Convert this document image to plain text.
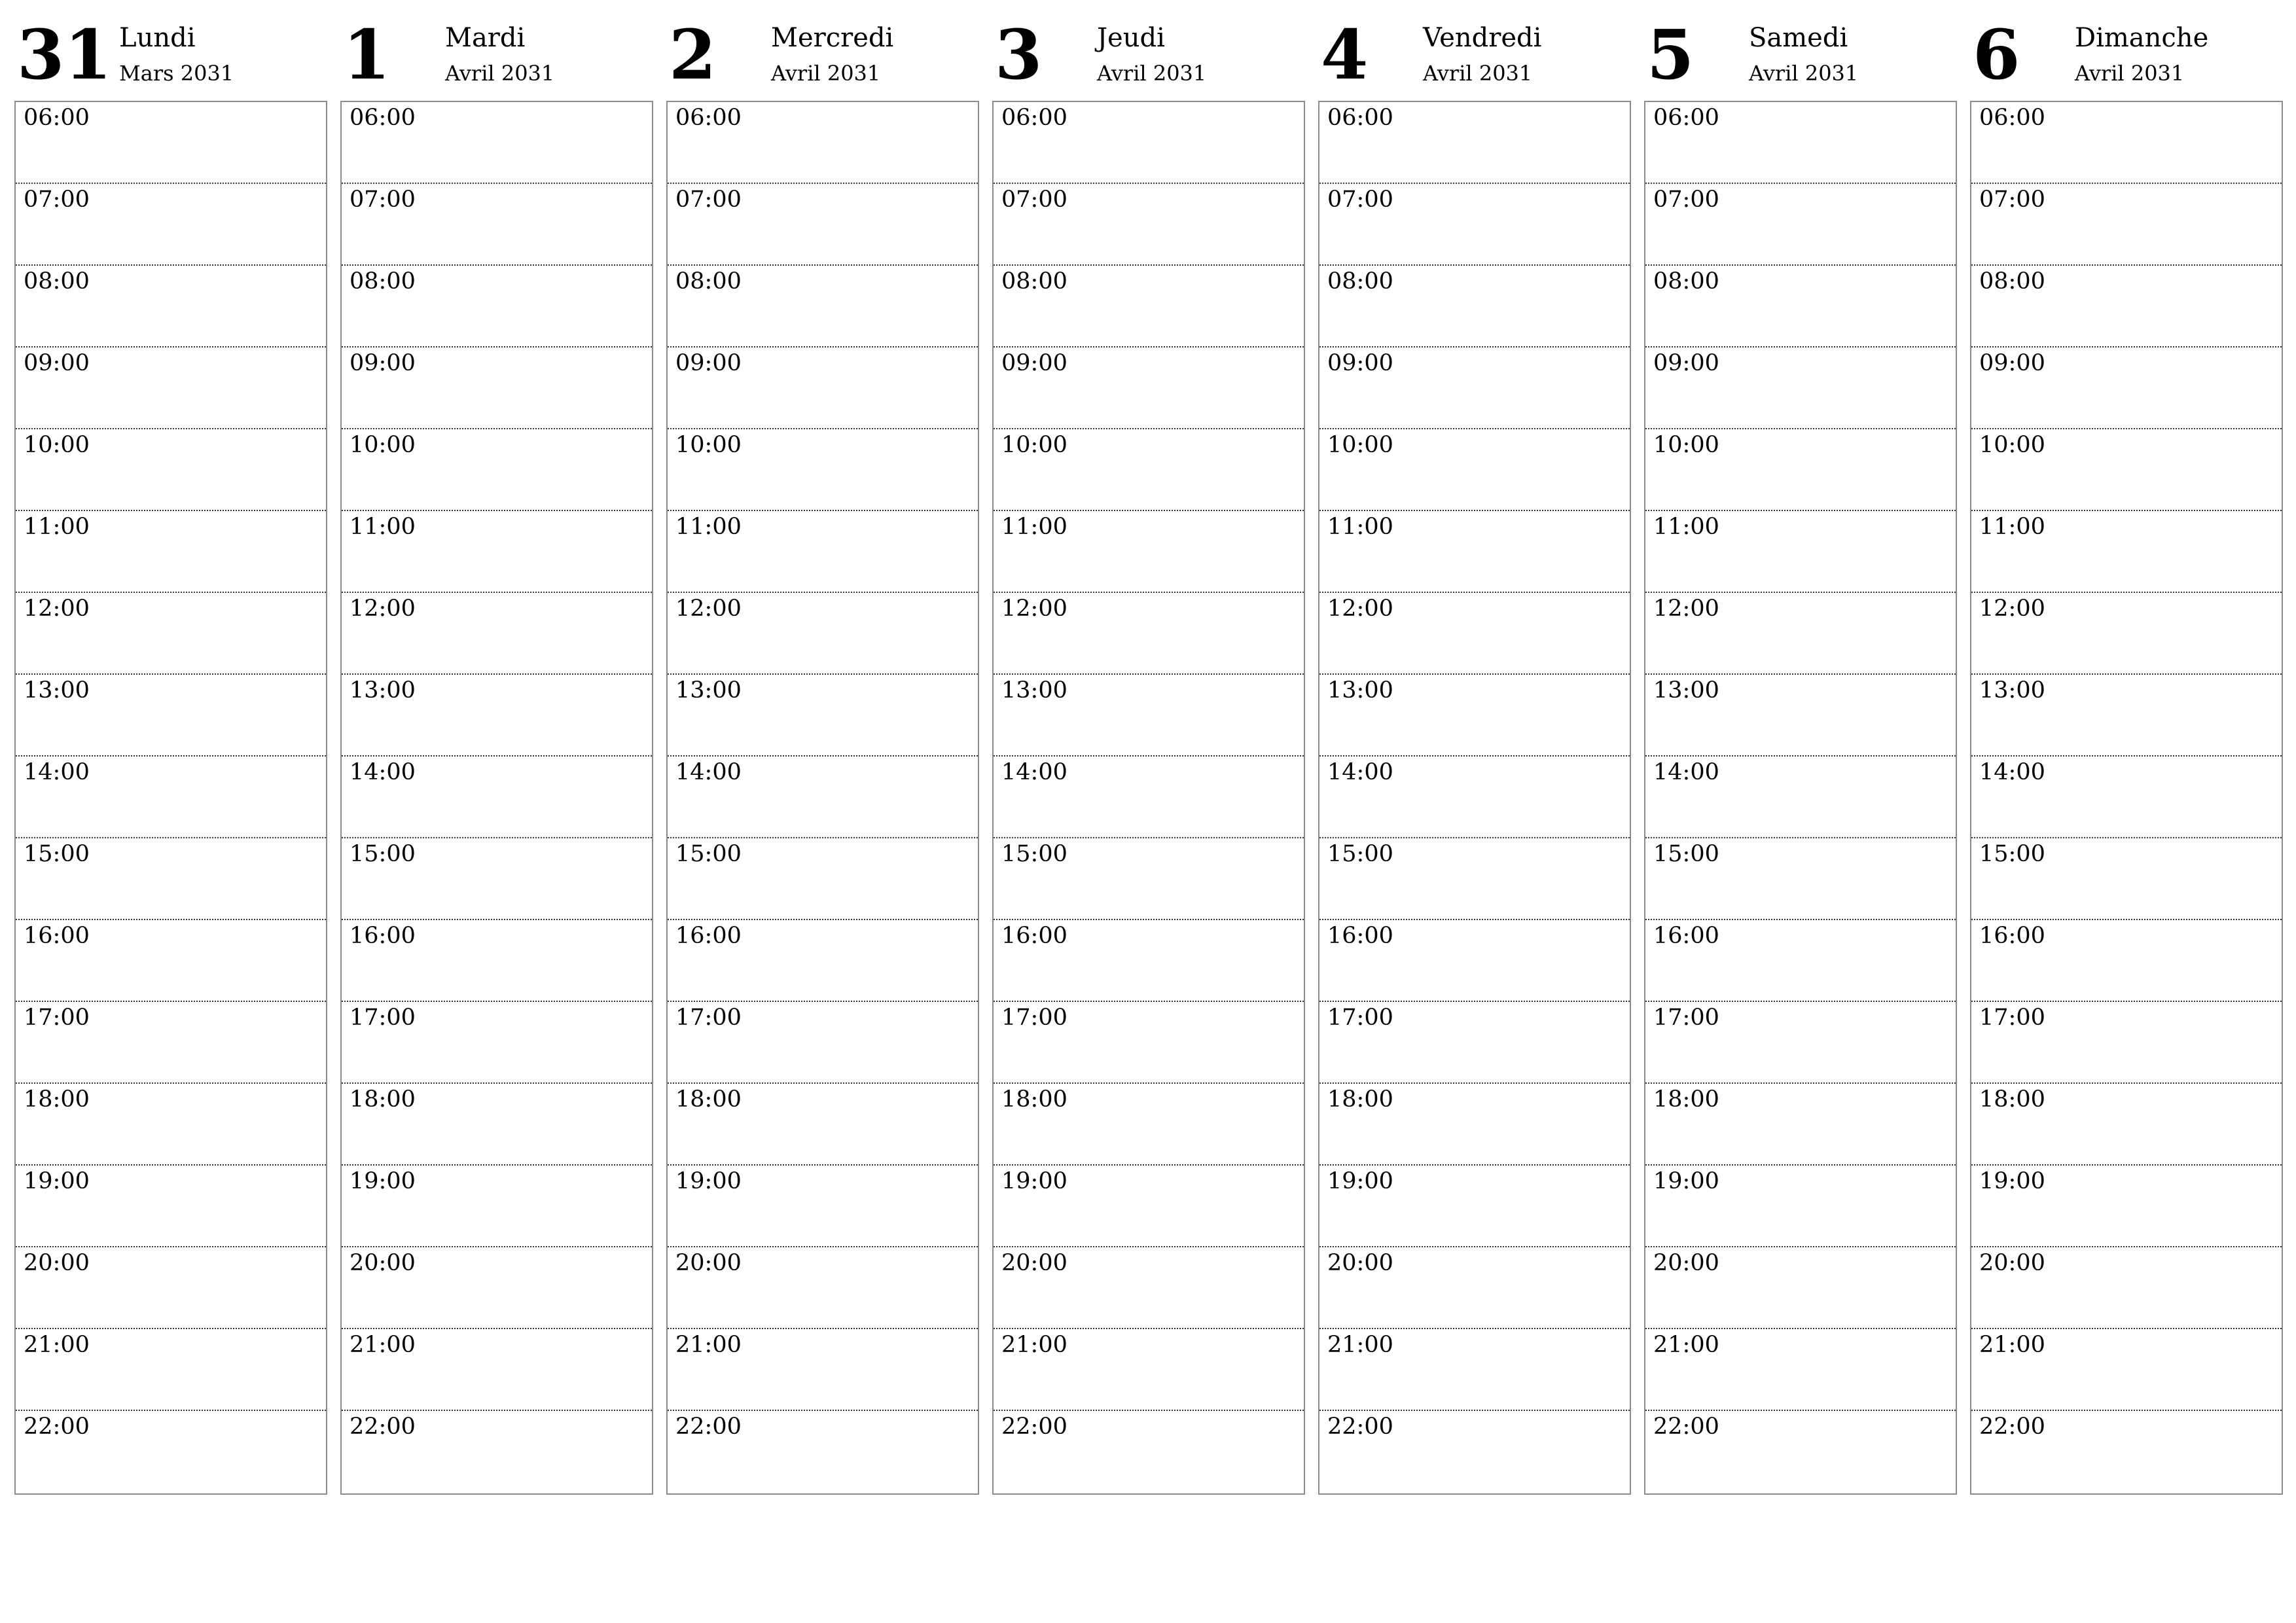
31 Lundi
Mars 2031
06:00
07:00
08:00
09:00
10:00
11:00
12:00
13:00
14:00
15:00
16:00
17:00
18:00
19:00
20:00
21:00
22:00
1 Mardi
Avril 2031
06:00
07:00
08:00
09:00
10:00
11:00
12:00
13:00
14:00
15:00
16:00
17:00
18:00
19:00
20:00
21:00
22:00
2 Mercredi
Avril 2031
06:00
07:00
08:00
09:00
10:00
11:00
12:00
13:00
14:00
15:00
16:00
17:00
18:00
19:00
20:00
21:00
22:00
3 Jeudi
Avril 2031
06:00
07:00
08:00
09:00
10:00
11:00
12:00
13:00
14:00
15:00
16:00
17:00
18:00
19:00
20:00
21:00
22:00
4 Vendredi
Avril 2031
06:00
07:00
08:00
09:00
10:00
11:00
12:00
13:00
14:00
15:00
16:00
17:00
18:00
19:00
20:00
21:00
22:00
5 Samedi
Avril 2031
06:00
07:00
08:00
09:00
10:00
11:00
12:00
13:00
14:00
15:00
16:00
17:00
18:00
19:00
20:00
21:00
22:00
6 Dimanche
Avril 2031
06:00
07:00
08:00
09:00
10:00
11:00
12:00
13:00
14:00
15:00
16:00
17:00
18:00
19:00
20:00
21:00
22:00
